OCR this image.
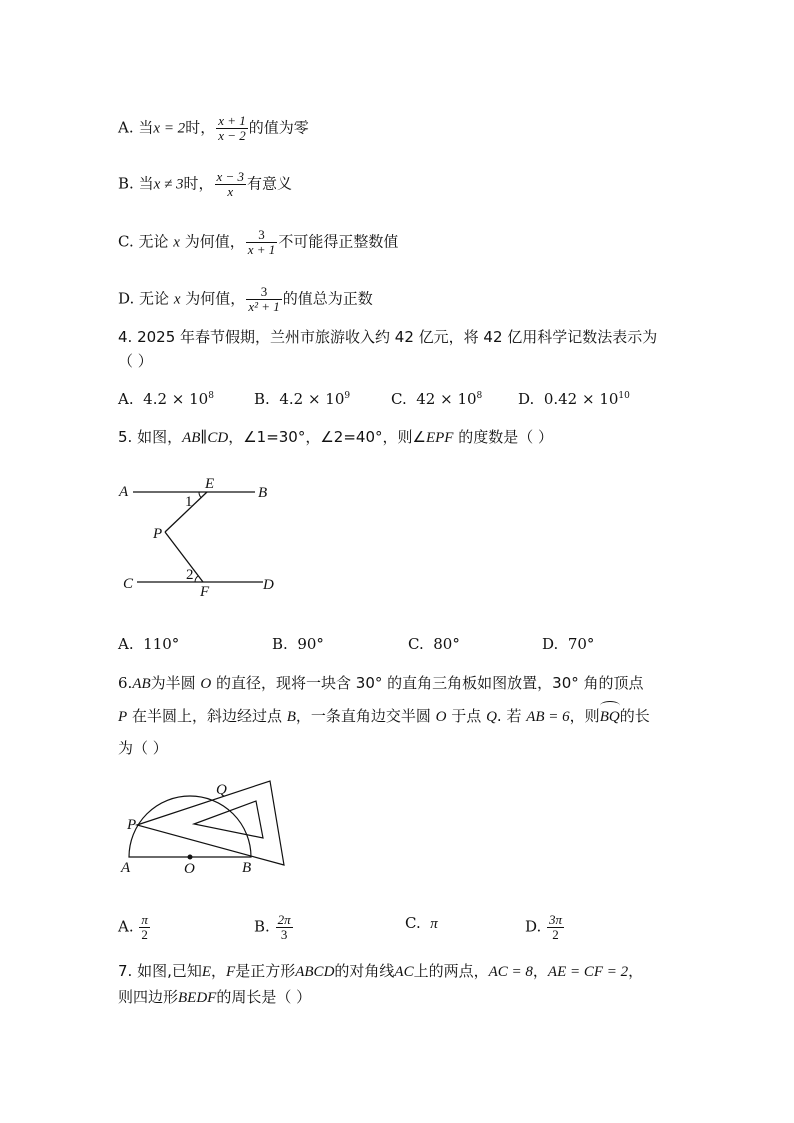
A. 当x = 2时， $\frac{x + 1}{x - 2}$ 的值为零
B. 当x ≠ 3时， $\frac{x - 3}{x}$ 有意义
C. 无论 x 为何值， $\frac{3}{x + 1}$ 不可能得正整数值
D. 无论 x 为何值， $\frac{3}{\text{x² + 1}}$ 的值总为正数
4. 2025 年春节假期，兰州市旅游收入约 42 亿元，将 42 亿用科学记数法表示为
（ ）
A. $4.2 \times 10^8$	B. $4.2 \times 10^9$	C. $42 \times 10^8$ D. $0.42 \times 10^{10}$
5. 如图，AB∥CD，∠1=30°，∠2=40°，则∠EPF 的度数是（ ）
A	B
E
1
P
2
C	D
F
A. 110°	B. 90°	C. 80°	D. 70°
6.AB为半圆 O 的直径，现将一块含 30° 的直角三角板如图放置，30° 角的顶点
P 在半圆上，斜边经过点 B，一条直角边交半圆 O 于点 Q. 若 AB = 6，则
BQ的长
为（ ）
P
Q
A	O	B
A. $\frac{\pi}{2}$	B. $\frac{2\pi}{3}$	C. π	D. $\frac{3\pi}{2}$
7. 如图,已知E，F是正方形ABCD的对角线AC上的两点，AC = 8，AE = CF = 2，
则四边形BEDF的周长是（ ）
